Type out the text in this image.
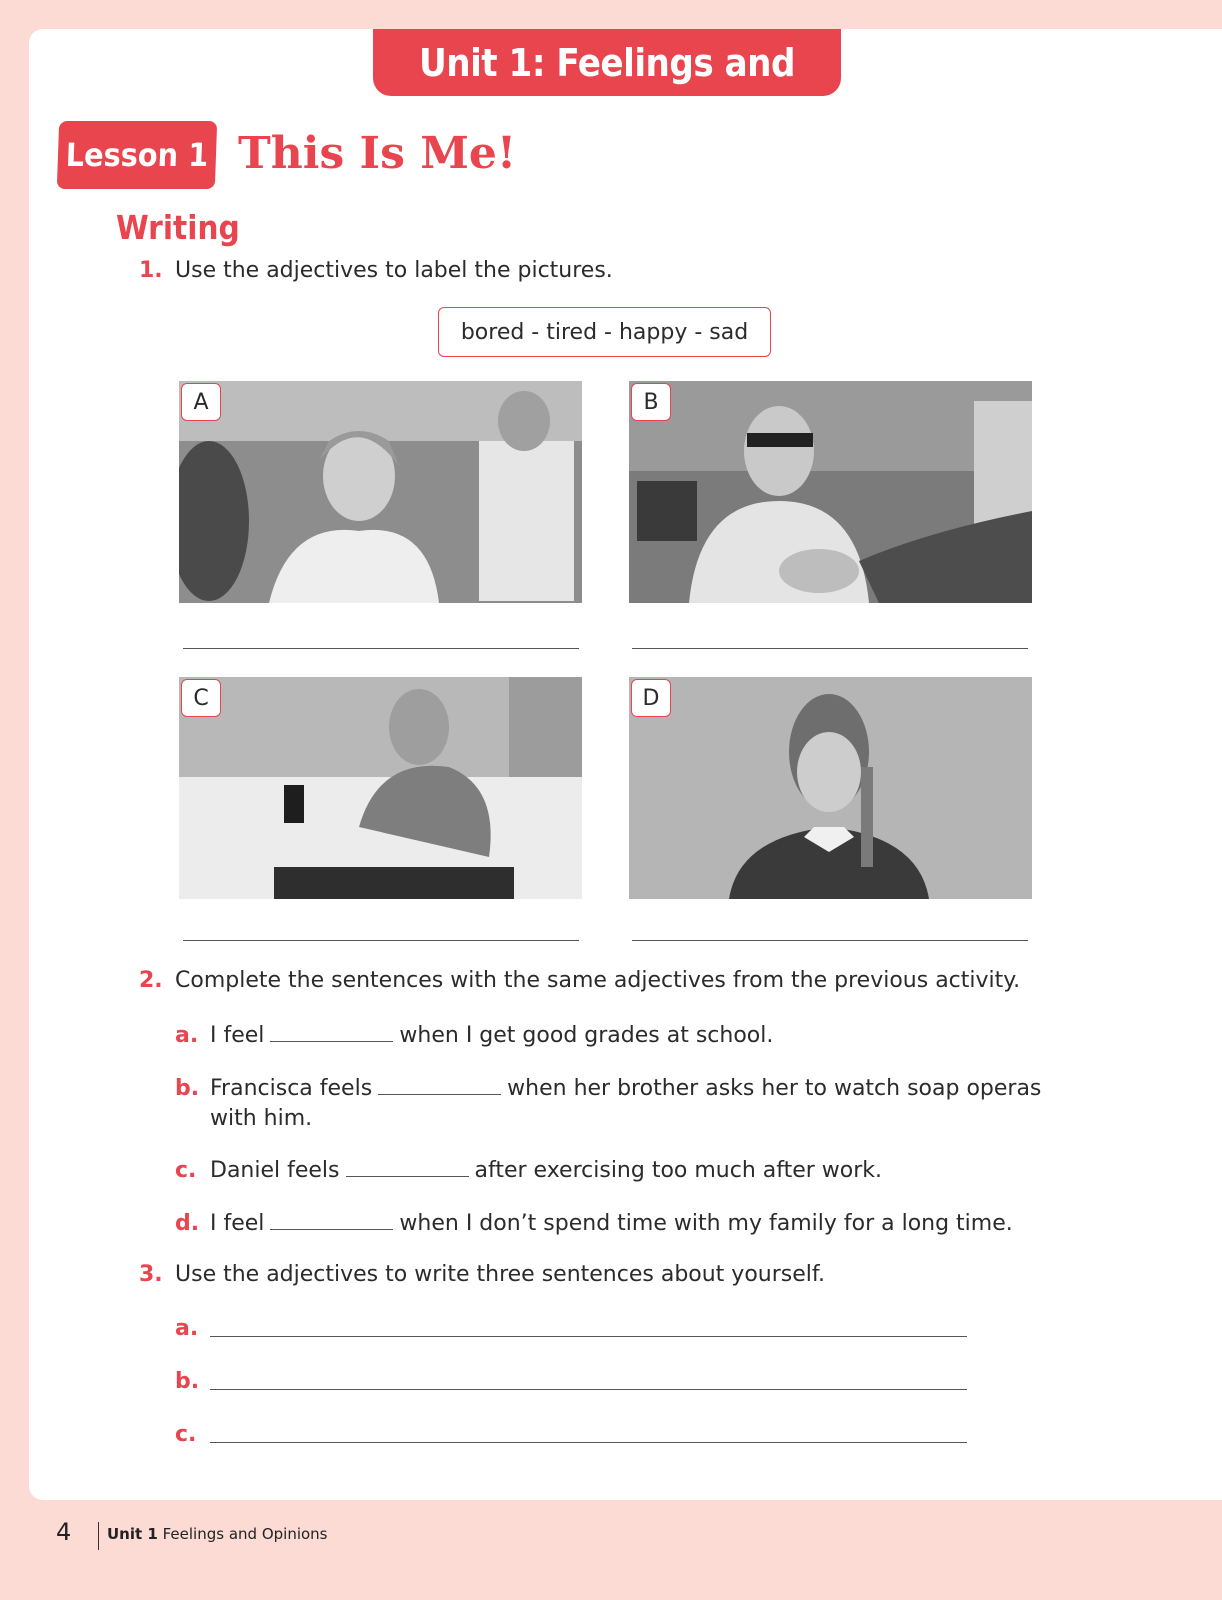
Unit 1: Feelings and Opinions
Lesson 1 This Is Me!
Writing
1. Use the adjectives to label the pictures.
bored - tired - happy - sad
A	B
C	D
2. Complete the sentences with the same adjectives from the previous activity.
a. I feel	when I get good grades at school.
b. Francisca feels	when her brother asks her to watch soap operas
with him.
c. Daniel feels	after exercising too much after work.
d. I feel	when I don’t spend time with my family for a long time.
3. Use the adjectives to write three sentences about yourself.
a.
b.
c.
4 Unit 1 Feelings and Opinions
